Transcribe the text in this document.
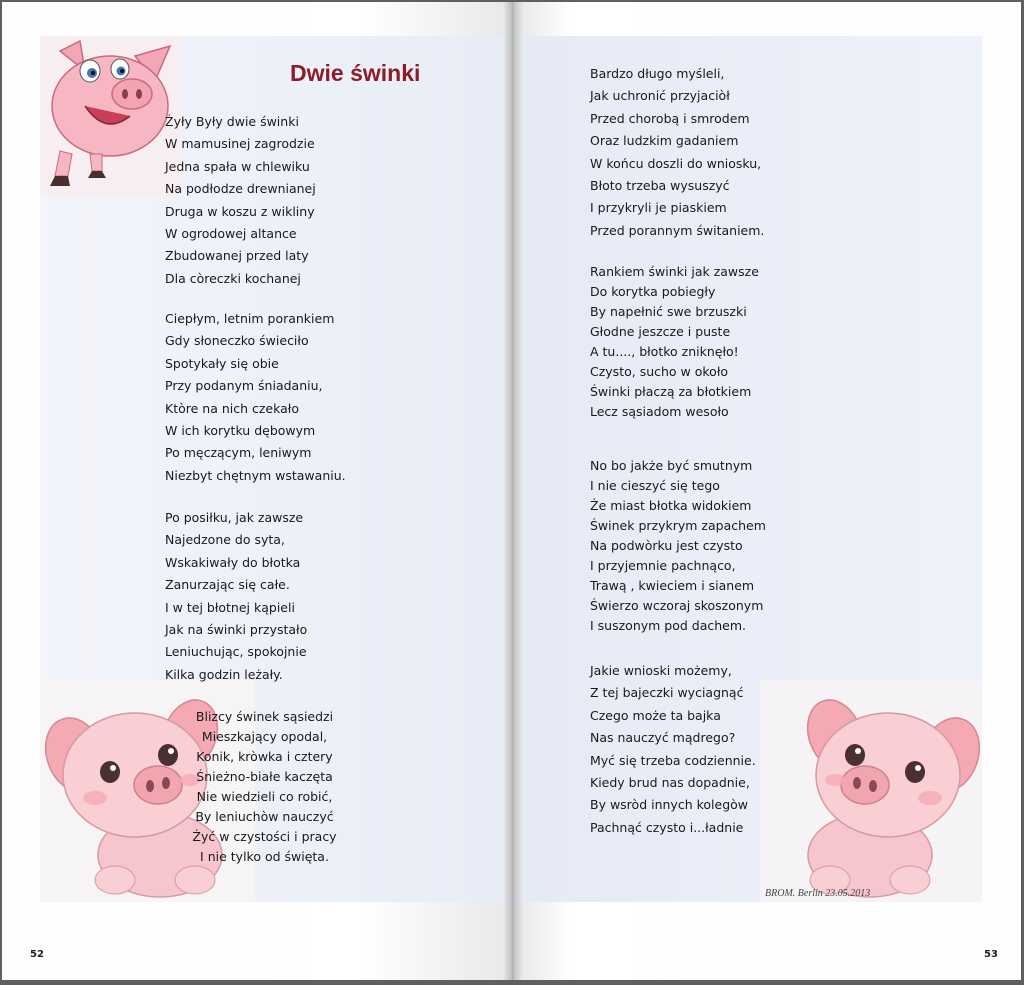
Dwie świnki
Żyły Były dwie świnki
W mamusinej zagrodzie
Jedna spała w chlewiku
Na podłodze drewnianej
Druga w koszu z wikliny
W ogrodowej altance
Zbudowanej przed laty
Dla còreczki kochanej
Ciepłym, letnim porankiem
Gdy słoneczko świeciło
Spotykały się obie
Przy podanym śniadaniu,
Ktòre na nich czekało
W ich korytku dębowym
Po męczącym, leniwym
Niezbyt chętnym wstawaniu.
Po posiłku, jak zawsze
Najedzone do syta,
Wskakiwały do błotka
Zanurzając się całe.
I w tej błotnej kąpieli
Jak na świnki przystało
Leniuchując, spokojnie
Kilka godzin leżały.
Blizcy świnek sąsiedzi
Mieszkający opodal,
Konik, kròwka i cztery
Śnieżno-białe kaczęta
Nie wiedzieli co robić,
By leniuchòw nauczyć
Żyć w czystości i pracy
I nie tylko od święta.
Bardzo długo myśleli,
Jak uchronić przyjaciòł
Przed chorobą i smrodem
Oraz ludzkim gadaniem
W końcu doszli do wniosku,
Błoto trzeba wysuszyć
I przykryli je piaskiem
Przed porannym świtaniem.
Rankiem świnki jak zawsze
Do korytka pobiegły
By napełnić swe brzuszki
Głodne jeszcze i puste
A tu...., błotko zniknęło!
Czysto, sucho w około
Świnki płaczą za błotkiem
Lecz sąsiadom wesoło
No bo jakże być smutnym
I nie cieszyć się tego
Że miast błotka widokiem
Świnek przykrym zapachem
Na podwòrku jest czysto
I przyjemnie pachnąco,
Trawą , kwieciem i sianem
Świerzo wczoraj skoszonym
I suszonym pod dachem.
Jakie wnioski możemy,
Z tej bajeczki wyciagnąć
Czego może ta bajka
Nas nauczyć mądrego?
Myć się trzeba codziennie.
Kiedy brud nas dopadnie,
By wsròd innych kolegòw
Pachnąć czysto i...ładnie
BROM. Berlin 23.05.2013
52	53
